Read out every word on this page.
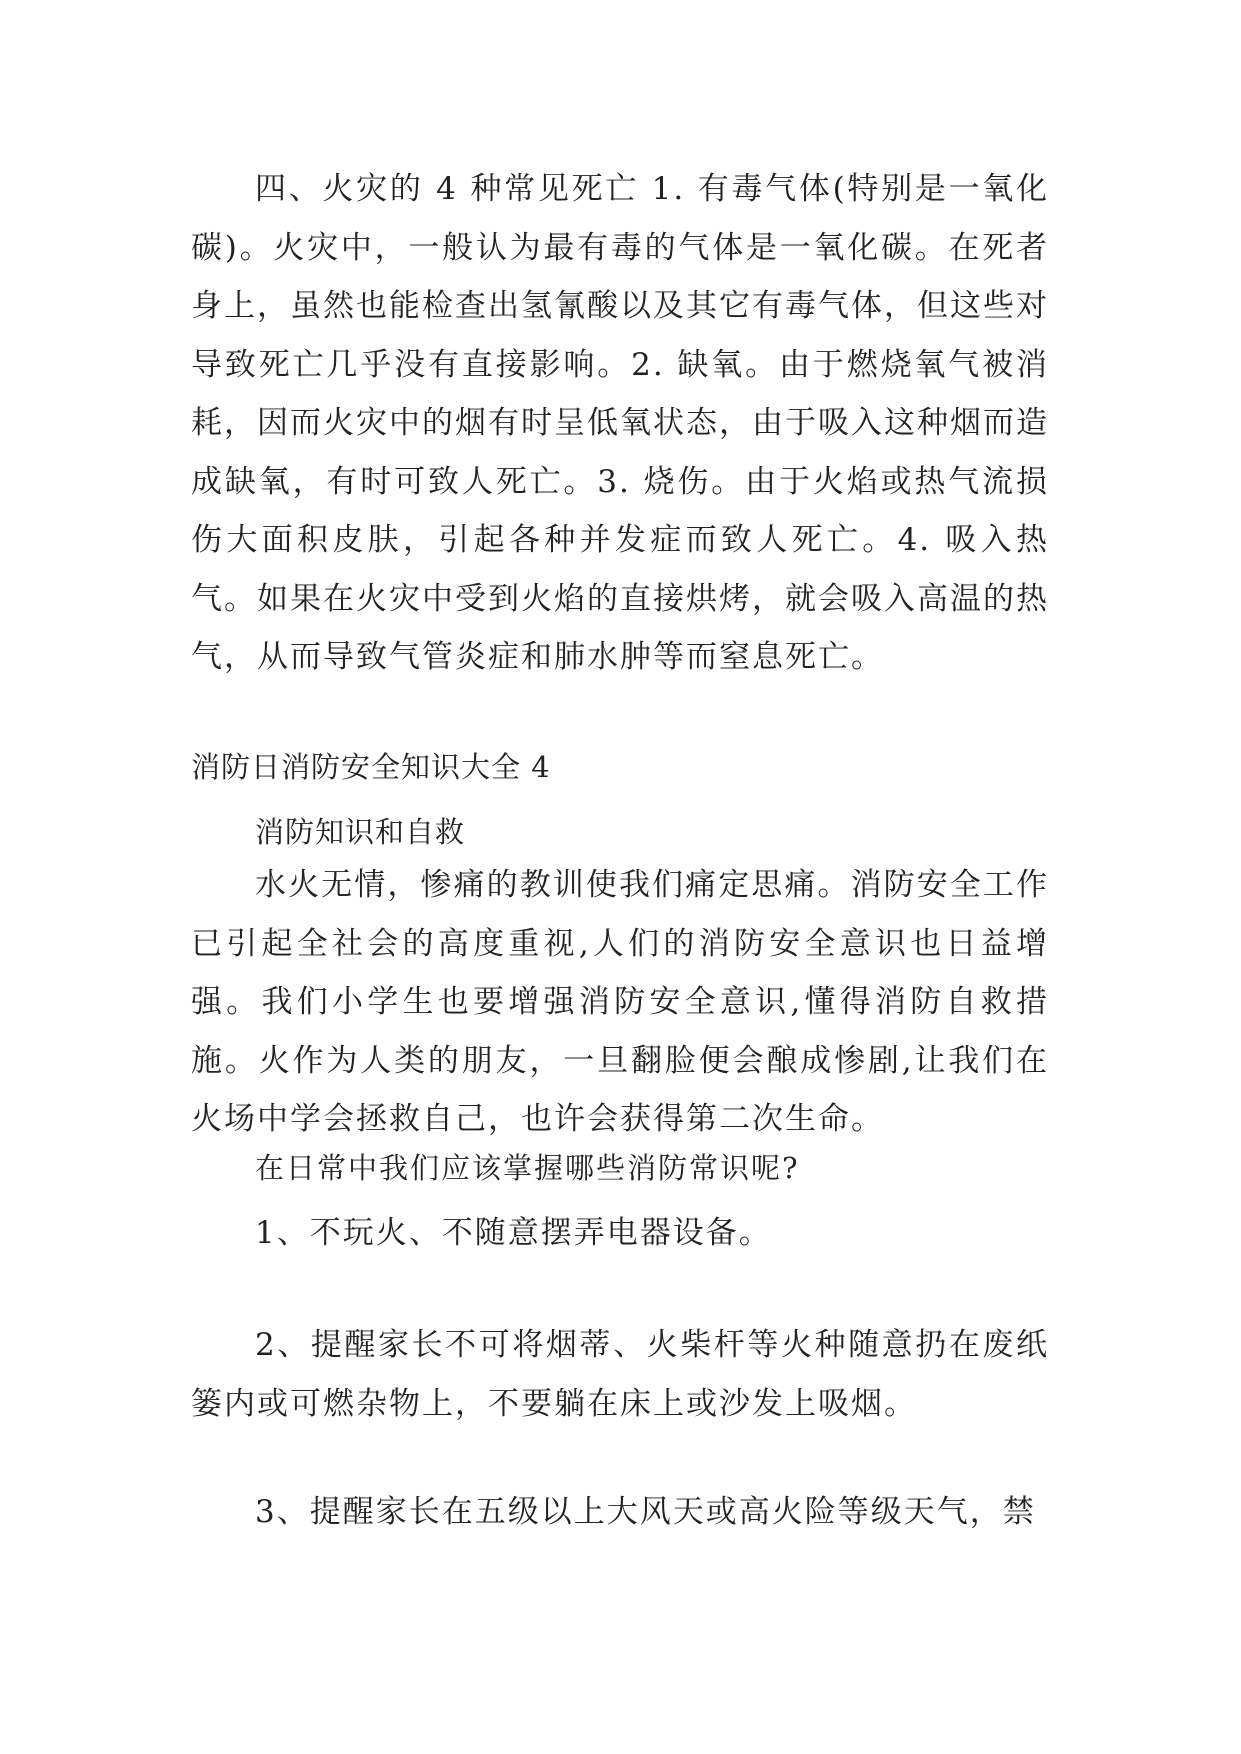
四、火灾的 4 种常见死亡 1. 有毒气体(特别是一氧化碳)。火灾中，一般认为最有毒的气体是一氧化碳。在死者身上，虽然也能检查出氢氰酸以及其它有毒气体，但这些对导致死亡几乎没有直接影响。2. 缺氧。由于燃烧氧气被消耗，因而火灾中的烟有时呈低氧状态，由于吸入这种烟而造成缺氧，有时可致人死亡。3. 烧伤。由于火焰或热气流损伤大面积皮肤，引起各种并发症而致人死亡。4. 吸入热气。如果在火灾中受到火焰的直接烘烤，就会吸入高温的热气，从而导致气管炎症和肺水肿等而窒息死亡。
消防日消防安全知识大全 4
消防知识和自救
水火无情，惨痛的教训使我们痛定思痛。消防安全工作已引起全社会的高度重视,人们的消防安全意识也日益增强。我们小学生也要增强消防安全意识,懂得消防自救措施。火作为人类的朋友，一旦翻脸便会酿成惨剧,让我们在火场中学会拯救自己，也许会获得第二次生命。
在日常中我们应该掌握哪些消防常识呢?
1、不玩火、不随意摆弄电器设备。
2、提醒家长不可将烟蒂、火柴杆等火种随意扔在废纸篓内或可燃杂物上，不要躺在床上或沙发上吸烟。
3、提醒家长在五级以上大风天或高火险等级天气，禁
